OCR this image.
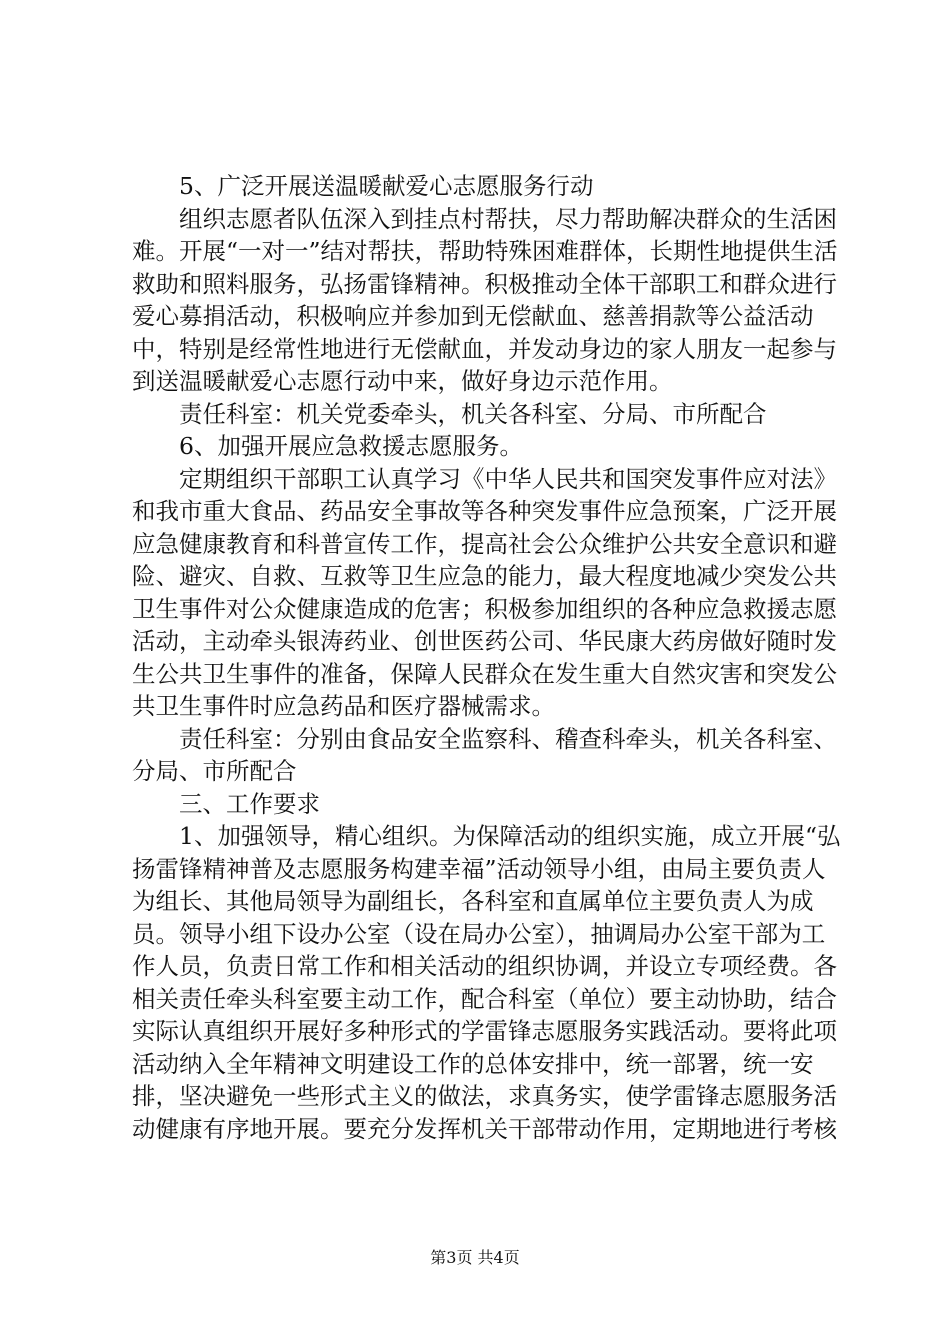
5、广泛开展送温暖献爱心志愿服务行动

组织志愿者队伍深入到挂点村帮扶，尽力帮助解决群众的生活困难。开展“一对一”结对帮扶，帮助特殊困难群体，长期性地提供生活救助和照料服务，弘扬雷锋精神。积极推动全体干部职工和群众进行爱心募捐活动，积极响应并参加到无偿献血、慈善捐款等公益活动中，特别是经常性地进行无偿献血，并发动身边的家人朋友一起参与到送温暖献爱心志愿行动中来，做好身边示范作用。

责任科室：机关党委牵头，机关各科室、分局、市所配合

6、加强开展应急救援志愿服务。

定期组织干部职工认真学习《中华人民共和国突发事件应对法》和我市重大食品、药品安全事故等各种突发事件应急预案，广泛开展应急健康教育和科普宣传工作，提高社会公众维护公共安全意识和避险、避灾、自救、互救等卫生应急的能力，最大程度地减少突发公共卫生事件对公众健康造成的危害；积极参加组织的各种应急救援志愿活动，主动牵头银涛药业、创世医药公司、华民康大药房做好随时发生公共卫生事件的准备，保障人民群众在发生重大自然灾害和突发公共卫生事件时应急药品和医疗器械需求。

责任科室：分别由食品安全监察科、稽查科牵头，机关各科室、分局、市所配合

三、工作要求

1、加强领导，精心组织。为保障活动的组织实施，成立开展“弘扬雷锋精神普及志愿服务构建幸福”活动领导小组，由局主要负责人为组长、其他局领导为副组长，各科室和直属单位主要负责人为成员。领导小组下设办公室（设在局办公室），抽调局办公室干部为工作人员，负责日常工作和相关活动的组织协调，并设立专项经费。各相关责任牵头科室要主动工作，配合科室（单位）要主动协助，结合实际认真组织开展好多种形式的学雷锋志愿服务实践活动。要将此项活动纳入全年精神文明建设工作的总体安排中，统一部署，统一安排，坚决避免一些形式主义的做法，求真务实，使学雷锋志愿服务活动健康有序地开展。要充分发挥机关干部带动作用，定期地进行考核

第3页 共4页
